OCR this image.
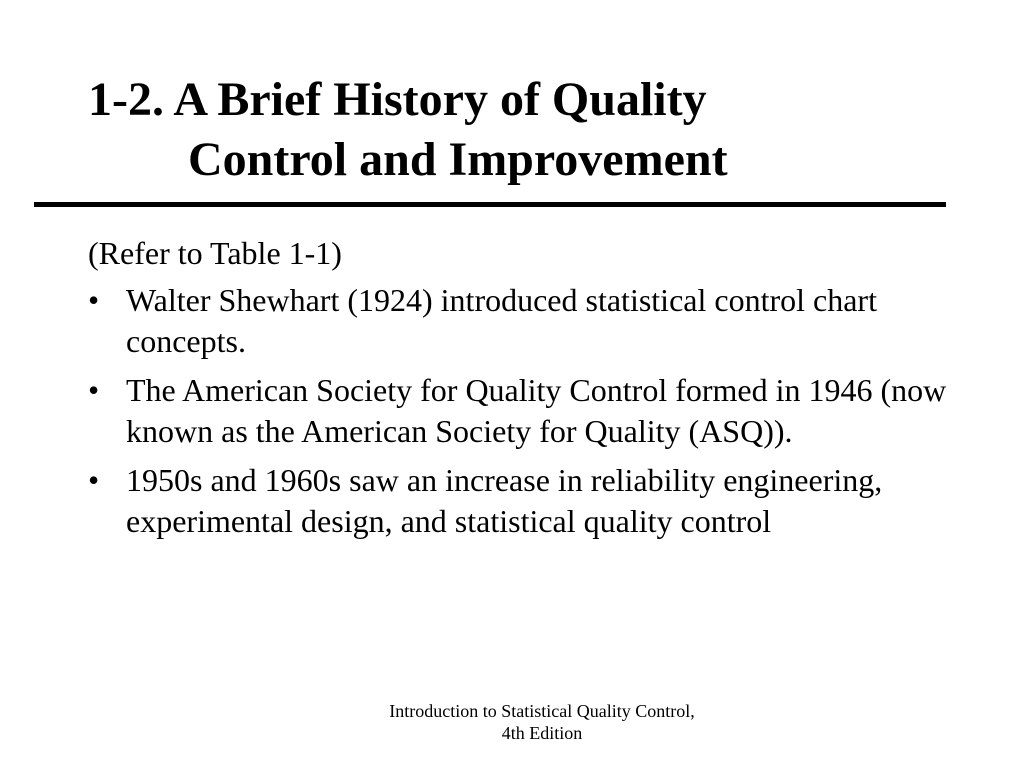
1-2. A Brief History of Quality
Control and Improvement

(Refer to Table 1-1)

• Walter Shewhart (1924) introduced statistical control chart concepts.
• The American Society for Quality Control formed in 1946 (now known as the American Society for Quality (ASQ)).
• 1950s and 1960s saw an increase in reliability engineering, experimental design, and statistical quality control
Introduction to Statistical Quality Control,
4th Edition
